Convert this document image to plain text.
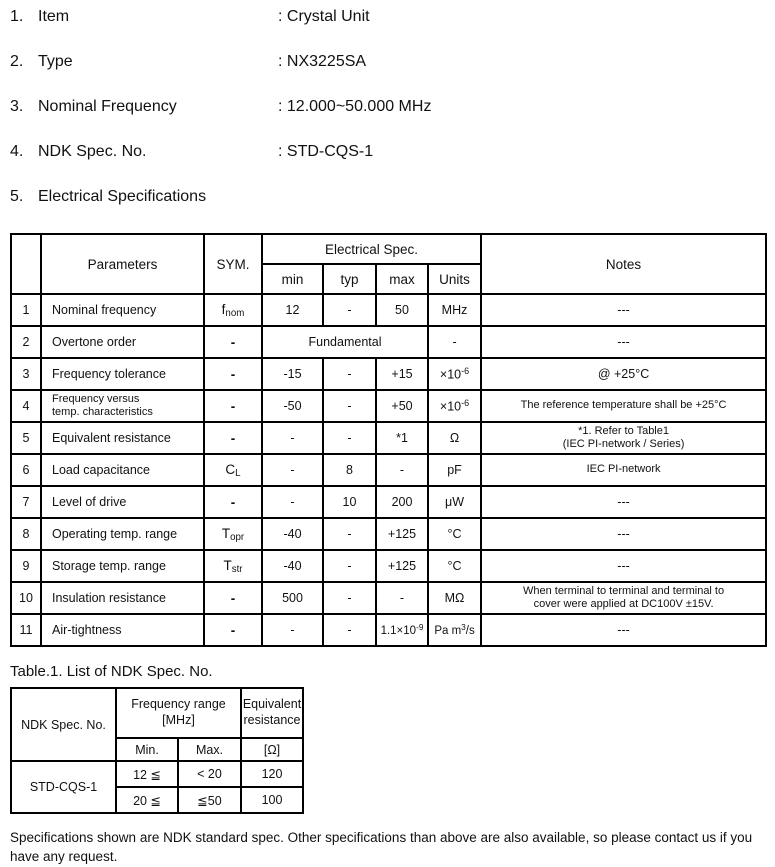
1. Item	: Crystal Unit
2. Type	: NX3225SA
3. Nominal Frequency	: 12.000~50.000 MHz
4. NDK Spec. No.	: STD-CQS-1
5. Electrical Specifications
	Parameters	SYM.	Electrical Spec.				Notes
			min	typ	max	Units	
1	Nominal frequency	$f_{nom}$	12	-	50	MHz	---
2	Overtone order	-	Fundamental			-	---
3	Frequency tolerance	-	-15	-	+15	$\times 10^{-6}$	@ +25°C
4	Frequency versus
temp. characteristics	-	-50	-	+50	$\times 10^{-6}$	The reference temperature shall be +25°C
5	Equivalent resistance	-	-	-	*1	Ω	*1. Refer to Table1
(IEC PI-network / Series)
6	Load capacitance	$C_L$	-	8	-	pF	IEC PI-network
7	Level of drive	-	-	10	200	μW	---
8	Operating temp. range	$T_{opr}$	-40	-	+125	°C	---
9	Storage temp. range	$T_{str}$	-40	-	+125	°C	---
10	Insulation resistance	-	500	-	-	MΩ	When terminal to terminal and terminal to
cover were applied at DC100V ±15V.
11	Air-tightness	-	-	-	$1.1\times 10^{-9}$	Pa $m^3/s$	---
Table.1. List of NDK Spec. No.
NDK Spec. No.	Frequency range
[MHz]		Equivalent
resistance
	Min.	Max.	[Ω]
STD-CQS-1	12 ≦	< 20	120
	20 ≦	≦50	100
Specifications shown are NDK standard spec. Other specifications than above are also available, so please contact us if you have any request.
